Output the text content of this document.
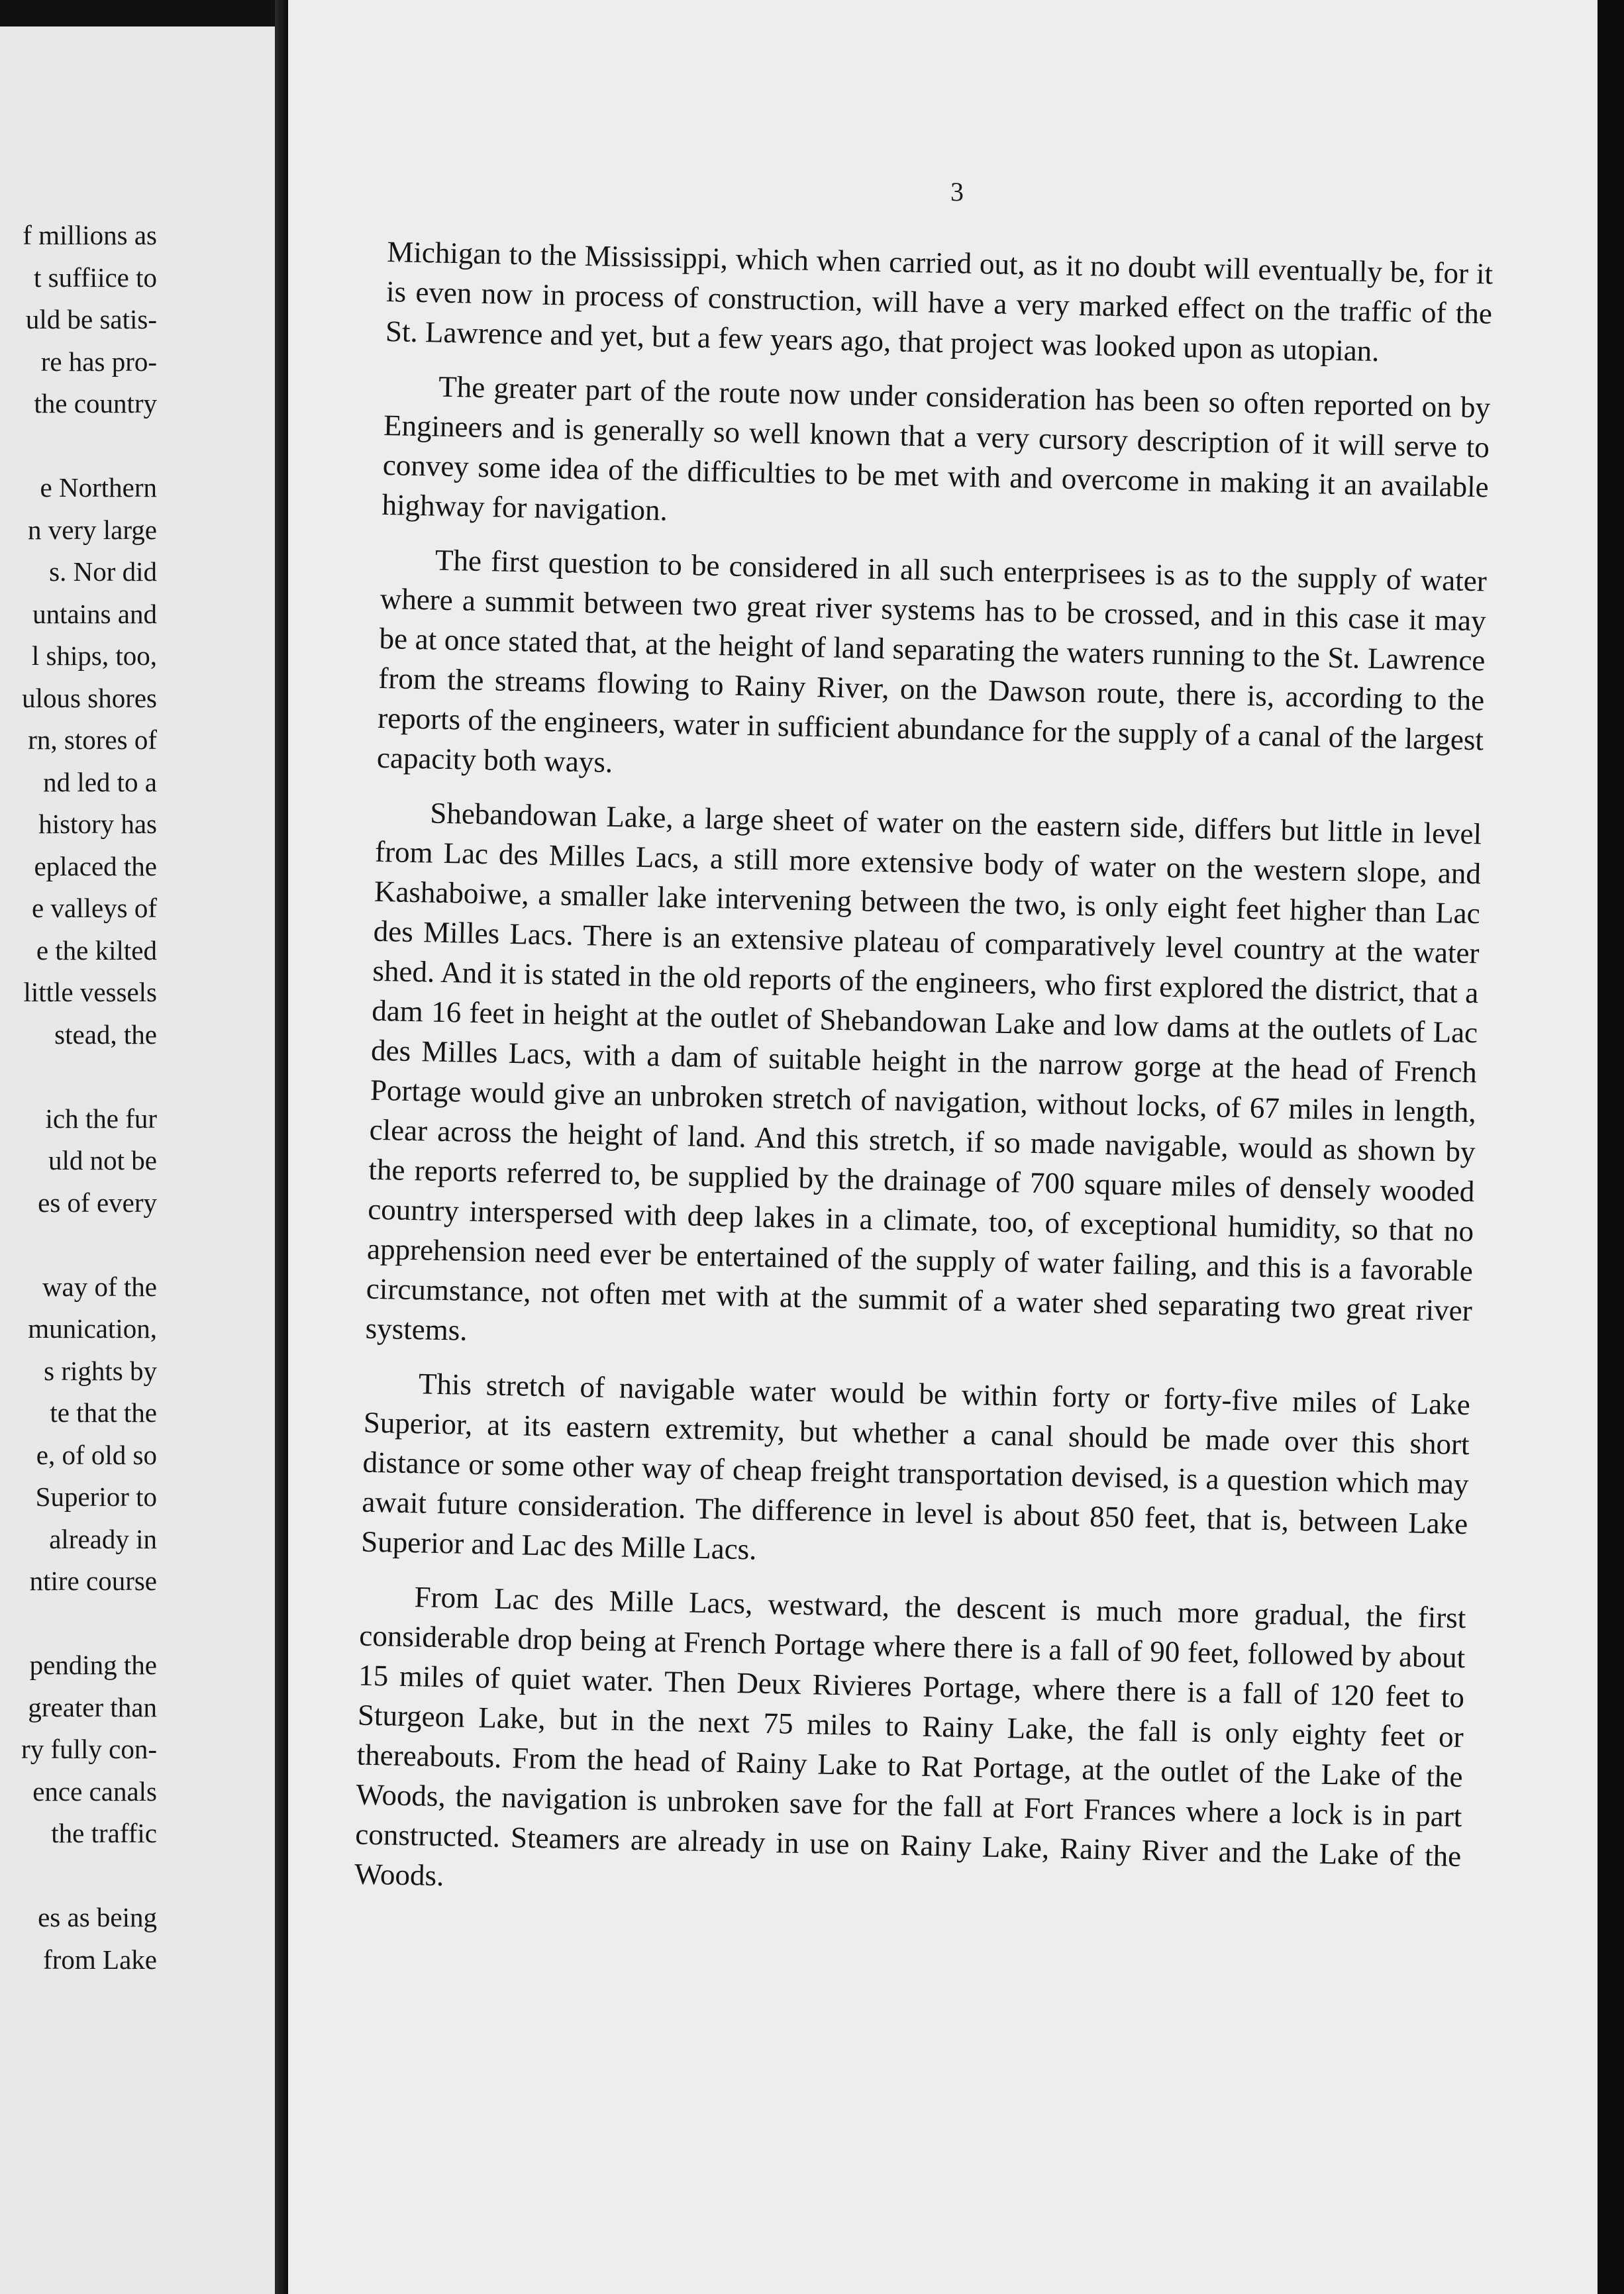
f millions as
t suffiice to
uld be satis-
re has pro-
the country
e Northern
n very large
s. Nor did
untains and
l ships, too,
ulous shores
rn, stores of
nd led to a
history has
eplaced the
e valleys of
e the kilted
little vessels
stead, the
ich the fur
uld not be
es of every
way of the
munication,
s rights by
te that the
e, of old so
Superior to
already in
ntire course
pending the
greater than
ry fully con-
ence canals
the traffic
es as being
from Lake
3

Michigan to the Mississippi, which when carried out, as it no doubt will eventually be, for it is even now in process of construction, will have a very marked effect on the traffic of the St. Lawrence and yet, but a few years ago, that project was looked upon as utopian.

The greater part of the route now under consideration has been so often reported on by Engineers and is generally so well known that a very cursory description of it will serve to convey some idea of the difficulties to be met with and overcome in making it an available highway for navigation.

The first question to be considered in all such enterprisees is as to the supply of water where a summit between two great river systems has to be crossed, and in this case it may be at once stated that, at the height of land separating the waters running to the St. Lawrence from the streams flowing to Rainy River, on the Dawson route, there is, according to the reports of the engineers, water in sufficient abundance for the supply of a canal of the largest capacity both ways.

Shebandowan Lake, a large sheet of water on the eastern side, differs but little in level from Lac des Milles Lacs, a still more extensive body of water on the western slope, and Kashaboiwe, a smaller lake intervening between the two, is only eight feet higher than Lac des Milles Lacs. There is an extensive plateau of comparatively level country at the water shed. And it is stated in the old reports of the engineers, who first explored the district, that a dam 16 feet in height at the outlet of Shebandowan Lake and low dams at the outlets of Lac des Milles Lacs, with a dam of suitable height in the narrow gorge at the head of French Portage would give an unbroken stretch of navigation, without locks, of 67 miles in length, clear across the height of land. And this stretch, if so made navigable, would as shown by the reports referred to, be supplied by the drainage of 700 square miles of densely wooded country interspersed with deep lakes in a climate, too, of exceptional humidity, so that no apprehension need ever be entertained of the supply of water failing, and this is a favorable circumstance, not often met with at the summit of a water shed separating two great river systems.

This stretch of navigable water would be within forty or forty-five miles of Lake Superior, at its eastern extremity, but whether a canal should be made over this short distance or some other way of cheap freight transportation devised, is a question which may await future consideration. The difference in level is about 850 feet, that is, between Lake Superior and Lac des Mille Lacs.

From Lac des Mille Lacs, westward, the descent is much more gradual, the first considerable drop being at French Portage where there is a fall of 90 feet, followed by about 15 miles of quiet water. Then Deux Rivieres Portage, where there is a fall of 120 feet to Sturgeon Lake, but in the next 75 miles to Rainy Lake, the fall is only eighty feet or thereabouts. From the head of Rainy Lake to Rat Portage, at the outlet of the Lake of the Woods, the navigation is unbroken save for the fall at Fort Frances where a lock is in part constructed. Steamers are already in use on Rainy Lake, Rainy River and the Lake of the Woods.
